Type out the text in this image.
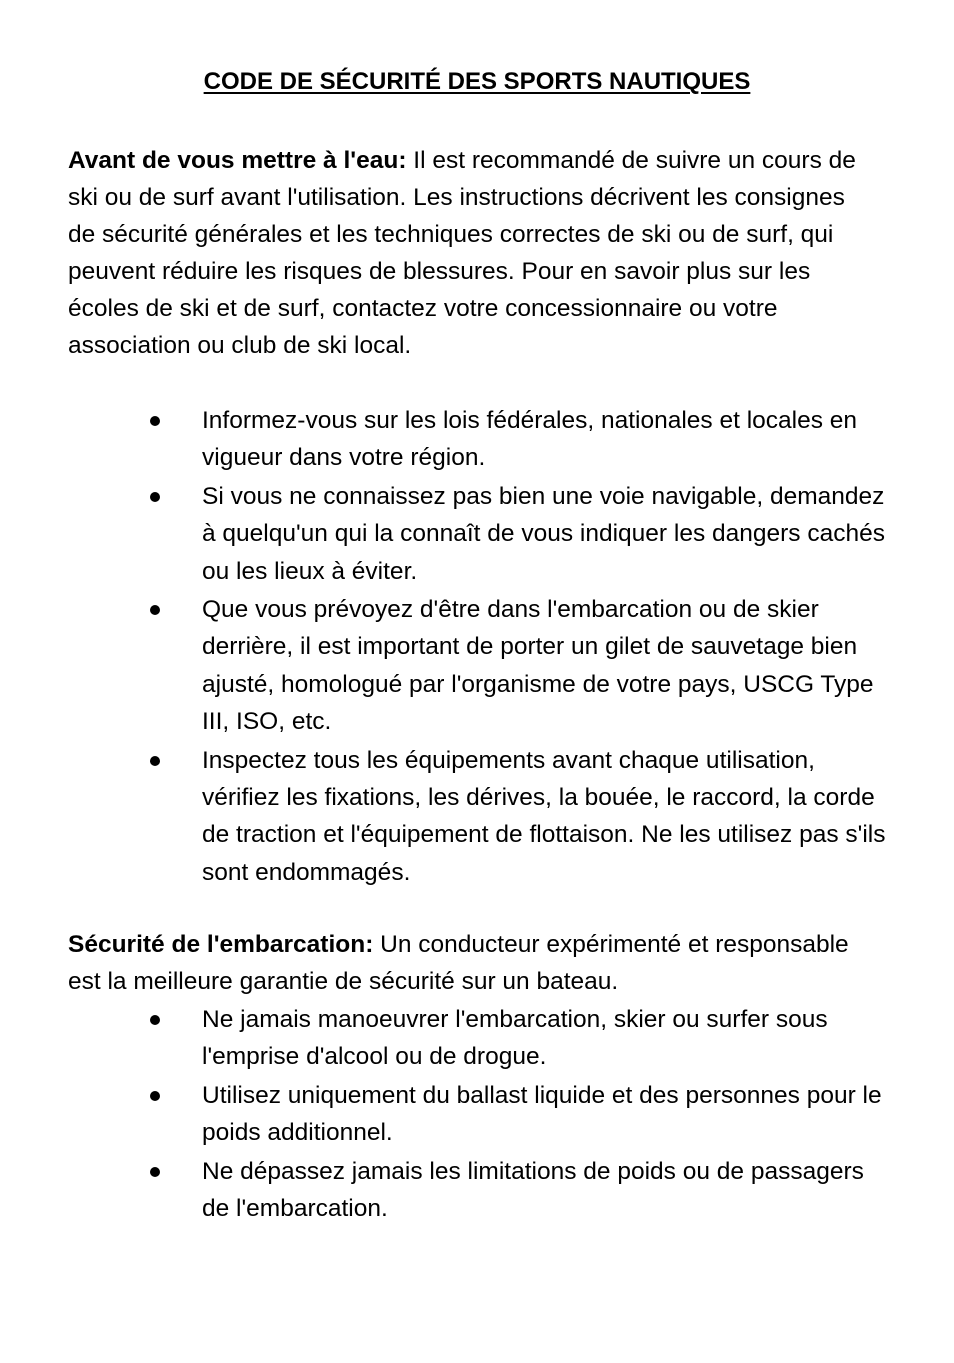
CODE DE SÉCURITÉ DES SPORTS NAUTIQUES

Avant de vous mettre à l'eau: Il est recommandé de suivre un cours de ski ou de surf avant l'utilisation. Les instructions décrivent les consignes de sécurité générales et les techniques correctes de ski ou de surf, qui peuvent réduire les risques de blessures. Pour en savoir plus sur les écoles de ski et de surf, contactez votre concessionnaire ou votre association ou club de ski local.

Informez-vous sur les lois fédérales, nationales et locales en vigueur dans votre région.
Si vous ne connaissez pas bien une voie navigable, demandez à quelqu'un qui la connaît de vous indiquer les dangers cachés ou les lieux à éviter.
Que vous prévoyez d'être dans l'embarcation ou de skier derrière, il est important de porter un gilet de sauvetage bien ajusté, homologué par l'organisme de votre pays, USCG Type III, ISO, etc.
Inspectez tous les équipements avant chaque utilisation, vérifiez les fixations, les dérives, la bouée, le raccord, la corde de traction et l'équipement de flottaison. Ne les utilisez pas s'ils sont endommagés.

Sécurité de l'embarcation: Un conducteur expérimenté et responsable est la meilleure garantie de sécurité sur un bateau.

Ne jamais manoeuvrer l'embarcation, skier ou surfer sous l'emprise d'alcool ou de drogue.
Utilisez uniquement du ballast liquide et des personnes pour le poids additionnel.
Ne dépassez jamais les limitations de poids ou de passagers de l'embarcation.
